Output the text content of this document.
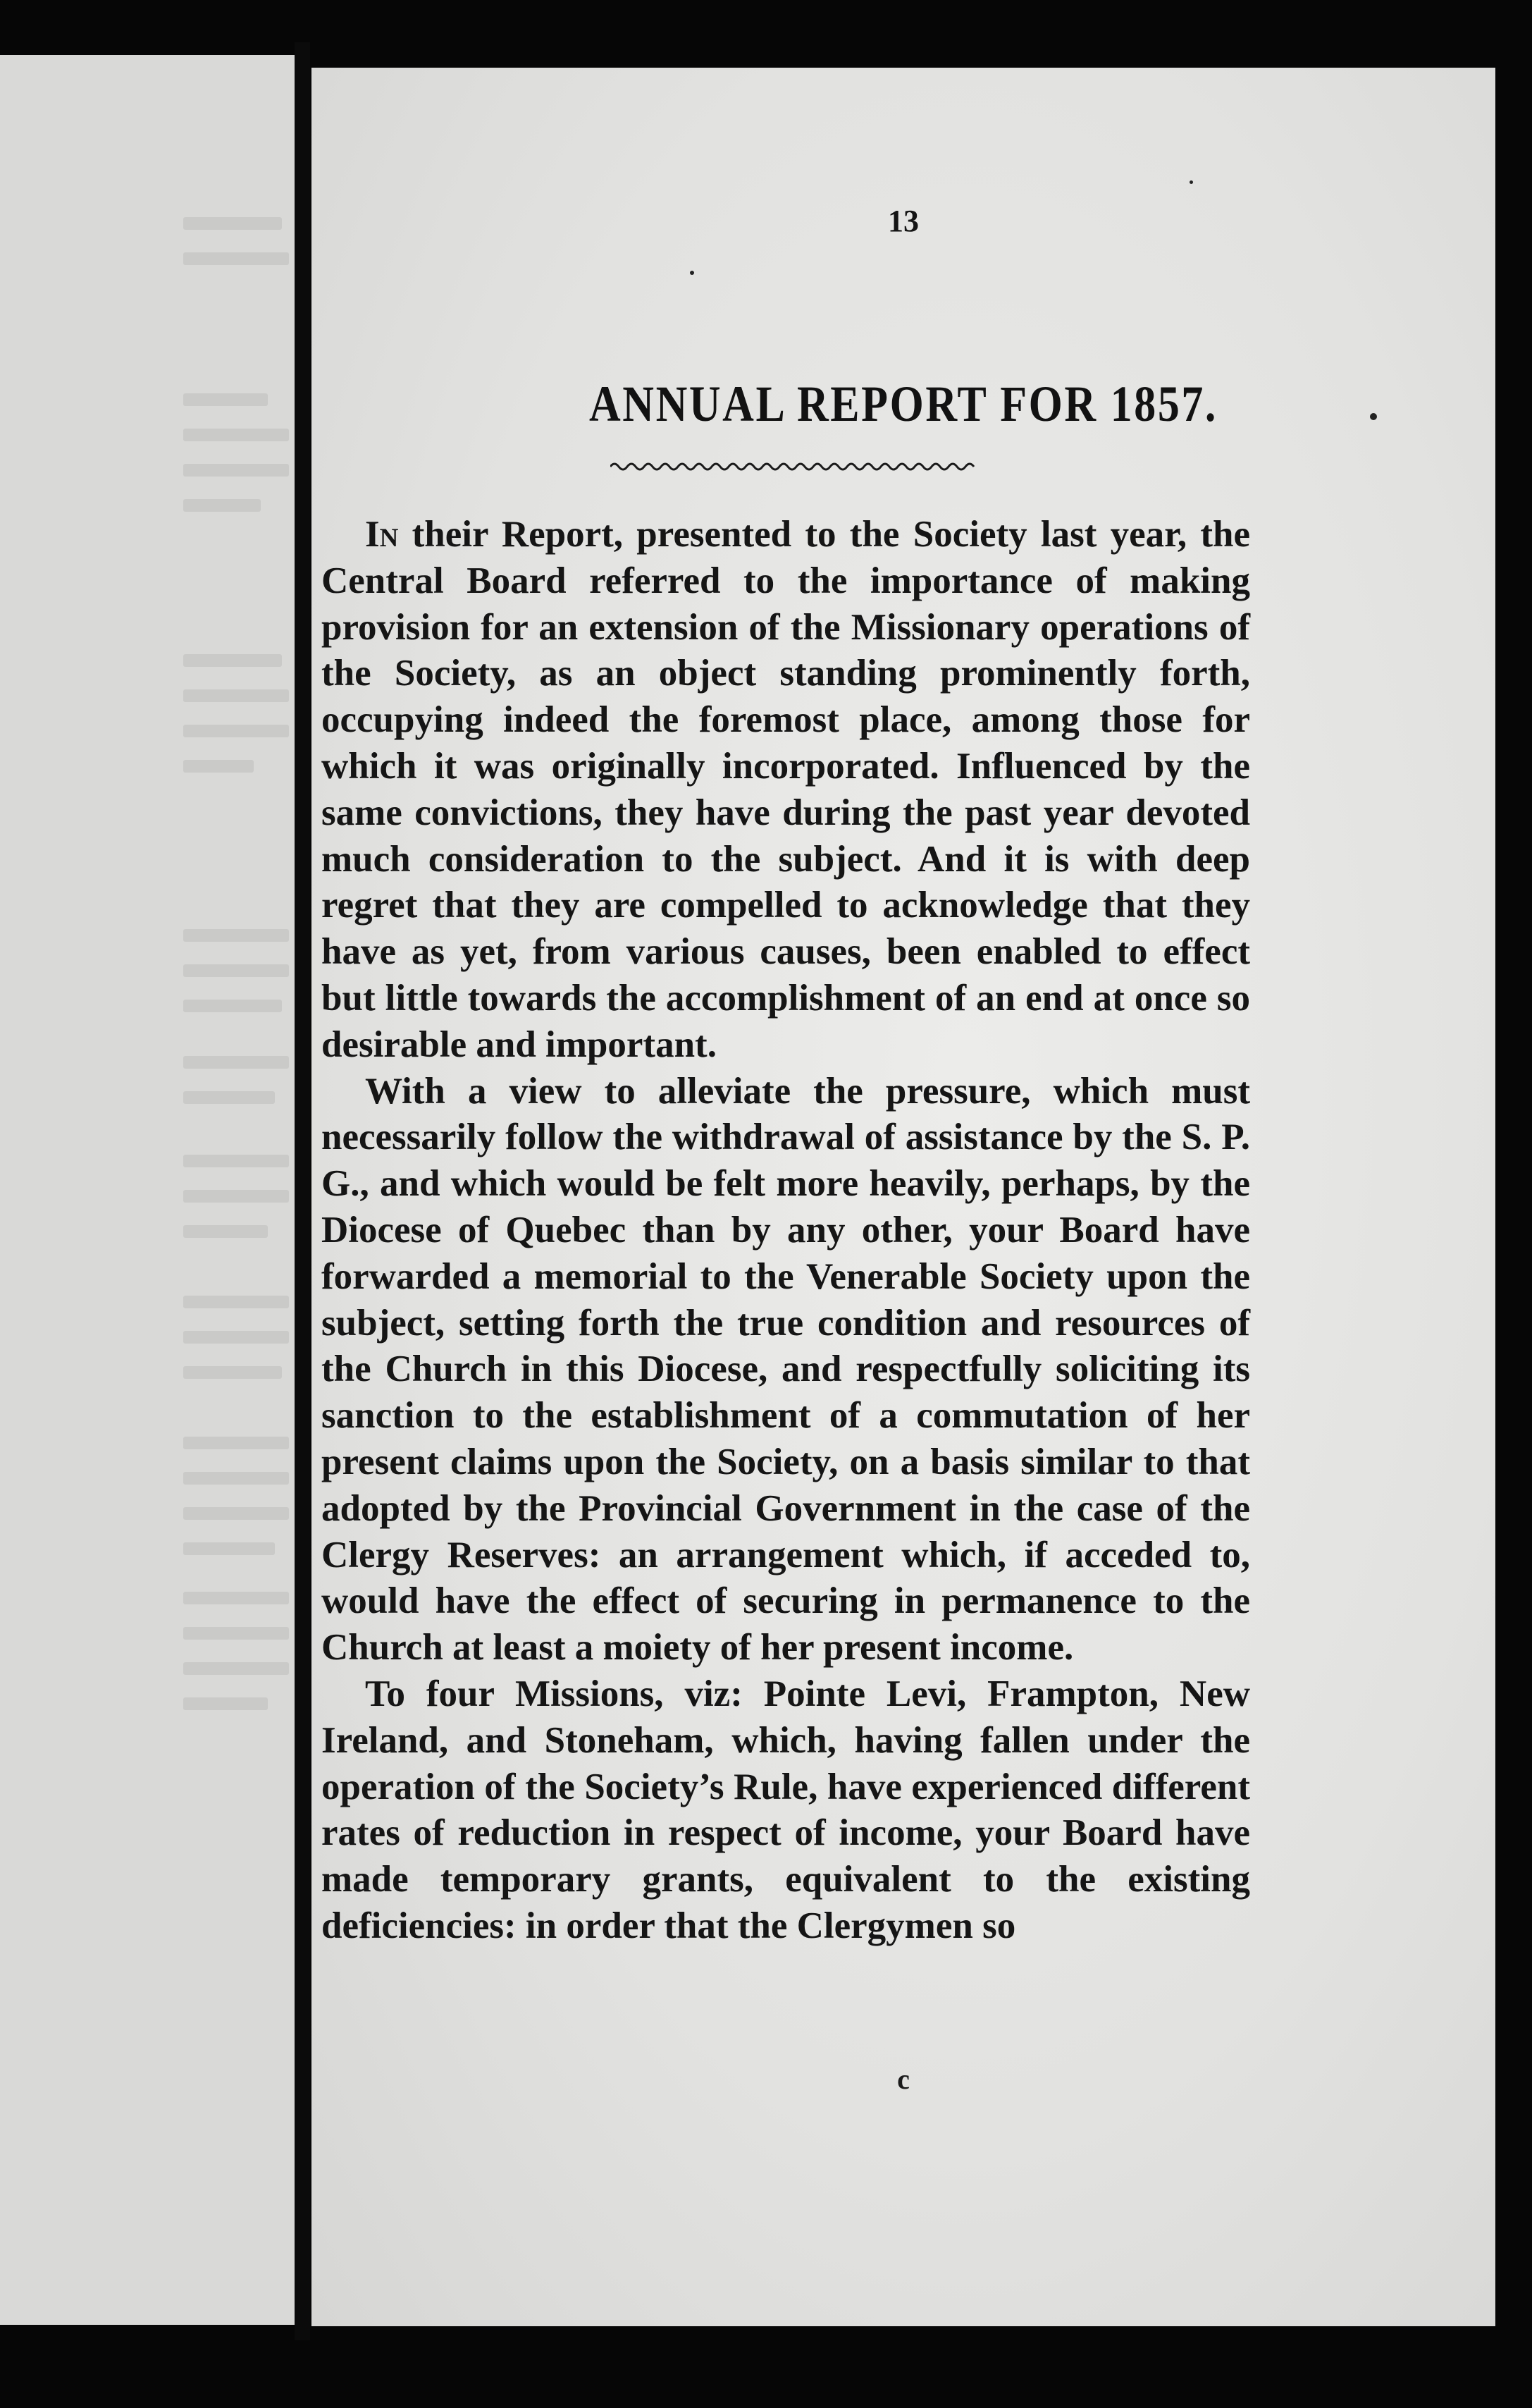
13
ANNUAL REPORT FOR 1857.

In their Report, presented to the Society last year, the Central Board referred to the importance of making provision for an extension of the Missionary operations of the Society, as an object standing prominently forth, occupying indeed the foremost place, among those for which it was originally incorporated. Influenced by the same convictions, they have during the past year devoted much consideration to the subject. And it is with deep regret that they are compelled to acknowledge that they have as yet, from various causes, been enabled to effect but little towards the accomplishment of an end at once so desirable and important.

With a view to alleviate the pressure, which must necessarily follow the withdrawal of assistance by the S. P. G., and which would be felt more heavily, perhaps, by the Diocese of Quebec than by any other, your Board have forwarded a memorial to the Venerable Society upon the subject, setting forth the true condition and resources of the Church in this Diocese, and respectfully soliciting its sanction to the establishment of a commutation of her present claims upon the Society, on a basis similar to that adopted by the Provincial Government in the case of the Clergy Reserves: an arrangement which, if acceded to, would have the effect of securing in permanence to the Church at least a moiety of her present income.

To four Missions, viz: Pointe Levi, Frampton, New Ireland, and Stoneham, which, having fallen under the operation of the Society’s Rule, have experienced different rates of reduction in respect of income, your Board have made temporary grants, equivalent to the existing deficiencies: in order that the Clergymen so

c
